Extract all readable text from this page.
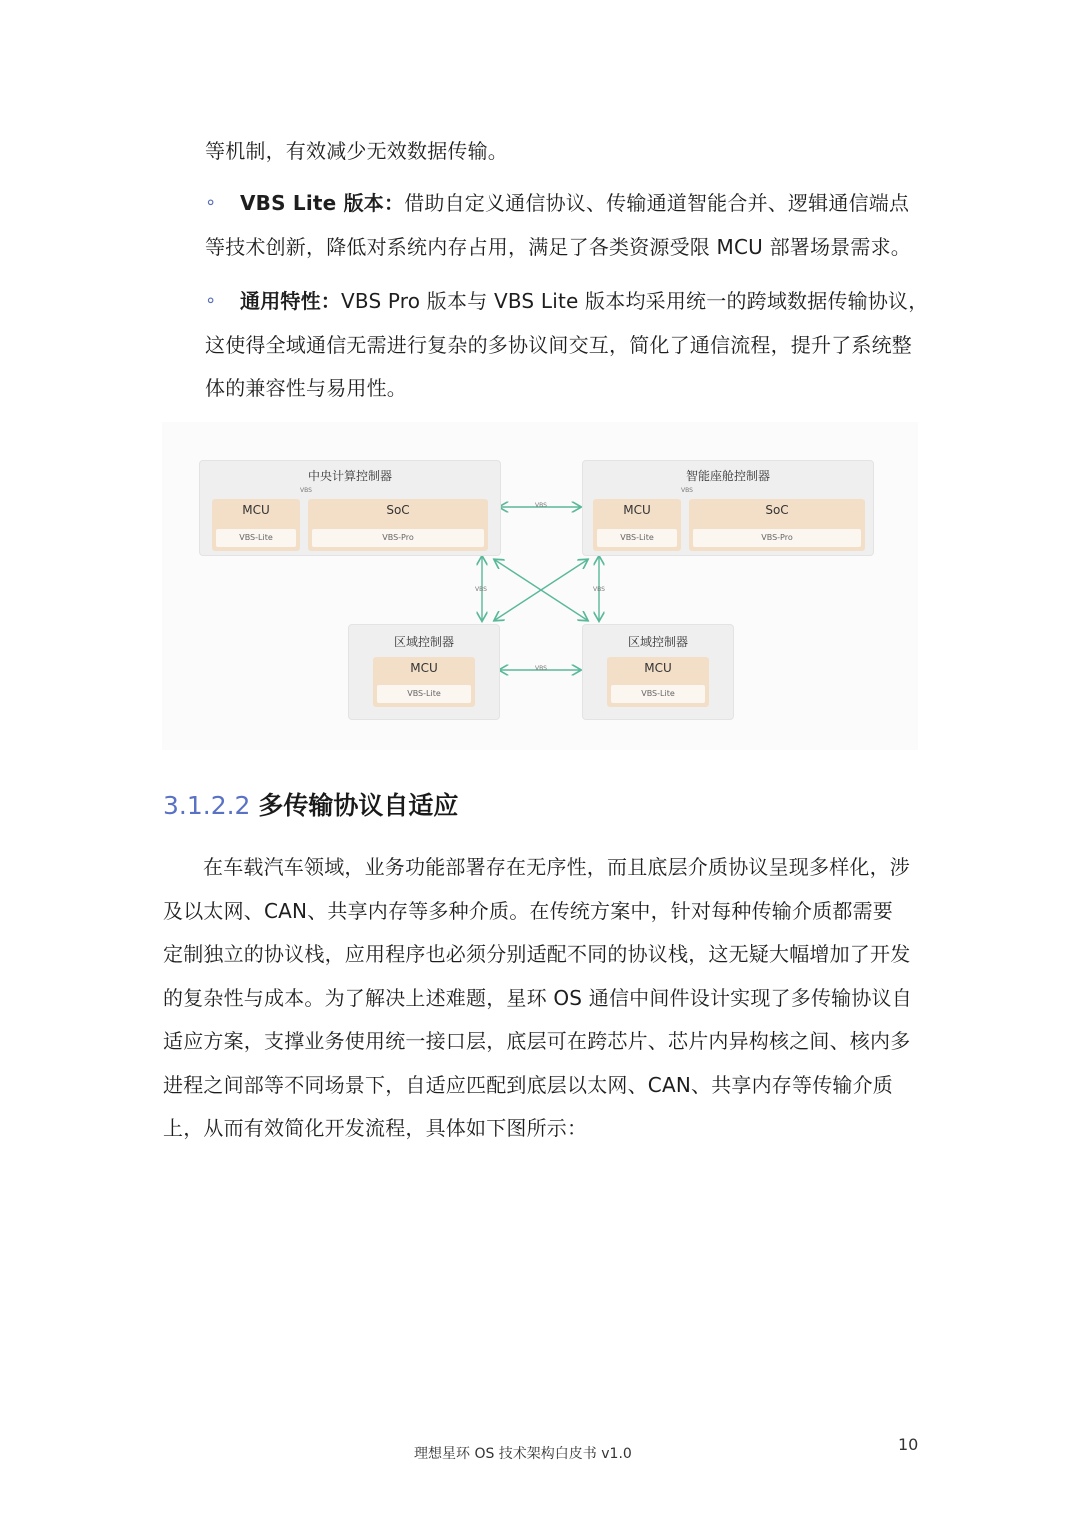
等机制，有效减少无效数据传输。
∘ VBS Lite 版本：借助自定义通信协议、传输通道智能合并、逻辑通信端点
等技术创新，降低对系统内存占用，满足了各类资源受限 MCU 部署场景需求。
∘ 通用特性：VBS Pro 版本与 VBS Lite 版本均采用统一的跨域数据传输协议，
这使得全域通信无需进行复杂的多协议间交互，简化了通信流程，提升了系统整
体的兼容性与易用性。
中央计算控制器
VBS
MCU
VBS-Lite
SoC
VBS-Pro
智能座舱控制器
VBS
MCU
VBS-Lite
SoC
VBS-Pro
区域控制器
MCU
VBS-Lite
区域控制器
MCU
VBS-Lite
VBS
VBS
VBS	VBS
3.1.2.2 多传输协议自适应
在车载汽车领域，业务功能部署存在无序性，而且底层介质协议呈现多样化，涉
及以太网、CAN、共享内存等多种介质。在传统方案中，针对每种传输介质都需要
定制独立的协议栈，应用程序也必须分别适配不同的协议栈，这无疑大幅增加了开发
的复杂性与成本。为了解决上述难题，星环 OS 通信中间件设计实现了多传输协议自
适应方案，支撑业务使用统一接口层，底层可在跨芯片、芯片内异构核之间、核内多
进程之间部等不同场景下，自适应匹配到底层以太网、CAN、共享内存等传输介质
上，从而有效简化开发流程，具体如下图所示：
理想星环 OS 技术架构白皮书 v1.0	10
